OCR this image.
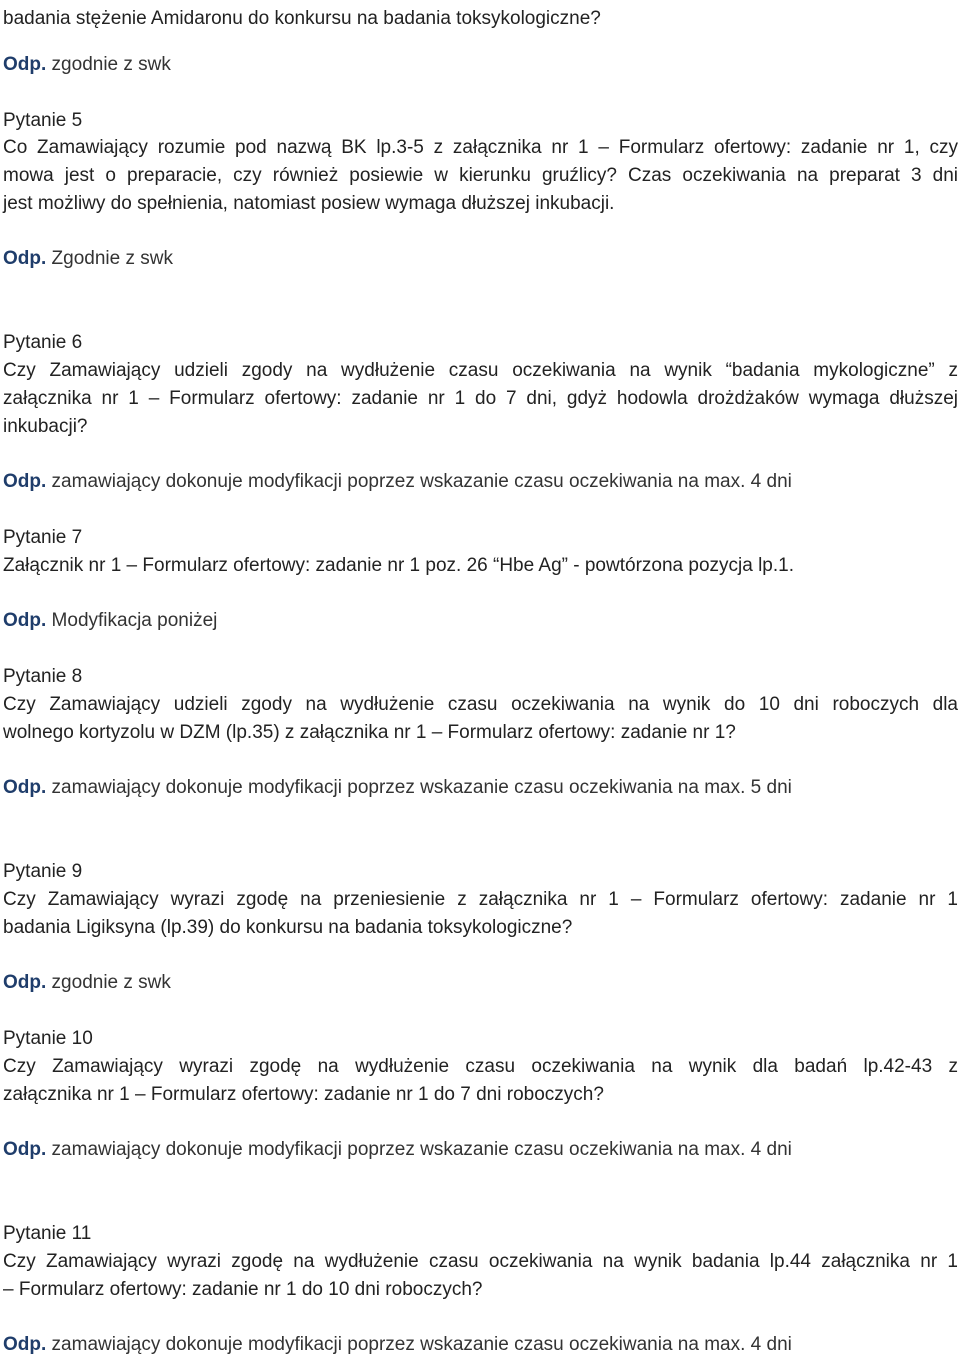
badania stężenie Amidaronu do konkursu na badania toksykologiczne?
Odp. zgodnie z swk
Pytanie 5
Co Zamawiający rozumie pod nazwą BK lp.3-5 z załącznika nr 1 – Formularz ofertowy: zadanie nr 1, czy
mowa jest o preparacie, czy również posiewie w kierunku gruźlicy? Czas oczekiwania na preparat 3 dni
jest możliwy do spełnienia, natomiast posiew wymaga dłuższej inkubacji.
Odp. Zgodnie z swk
Pytanie 6
Czy Zamawiający udzieli zgody na wydłużenie czasu oczekiwania na wynik “badania mykologiczne” z
załącznika nr 1 – Formularz ofertowy: zadanie nr 1 do 7 dni, gdyż hodowla drożdżaków wymaga dłuższej
inkubacji?
Odp. zamawiający dokonuje modyfikacji poprzez wskazanie czasu oczekiwania na max. 4 dni
Pytanie 7
Załącznik nr 1 – Formularz ofertowy: zadanie nr 1 poz. 26 “Hbe Ag” - powtórzona pozycja lp.1.
Odp. Modyfikacja poniżej
Pytanie 8
Czy Zamawiający udzieli zgody na wydłużenie czasu oczekiwania na wynik do 10 dni roboczych dla
wolnego kortyzolu w DZM (lp.35) z załącznika nr 1 – Formularz ofertowy: zadanie nr 1?
Odp. zamawiający dokonuje modyfikacji poprzez wskazanie czasu oczekiwania na max. 5 dni
Pytanie 9
Czy Zamawiający wyrazi zgodę na przeniesienie z załącznika nr 1 – Formularz ofertowy: zadanie nr 1
badania Ligiksyna (lp.39) do konkursu na badania toksykologiczne?
Odp. zgodnie z swk
Pytanie 10
Czy Zamawiający wyrazi zgodę na wydłużenie czasu oczekiwania na wynik dla badań lp.42-43 z
załącznika nr 1 – Formularz ofertowy: zadanie nr 1 do 7 dni roboczych?
Odp. zamawiający dokonuje modyfikacji poprzez wskazanie czasu oczekiwania na max. 4 dni
Pytanie 11
Czy Zamawiający wyrazi zgodę na wydłużenie czasu oczekiwania na wynik badania lp.44 załącznika nr 1
– Formularz ofertowy: zadanie nr 1 do 10 dni roboczych?
Odp. zamawiający dokonuje modyfikacji poprzez wskazanie czasu oczekiwania na max. 4 dni
